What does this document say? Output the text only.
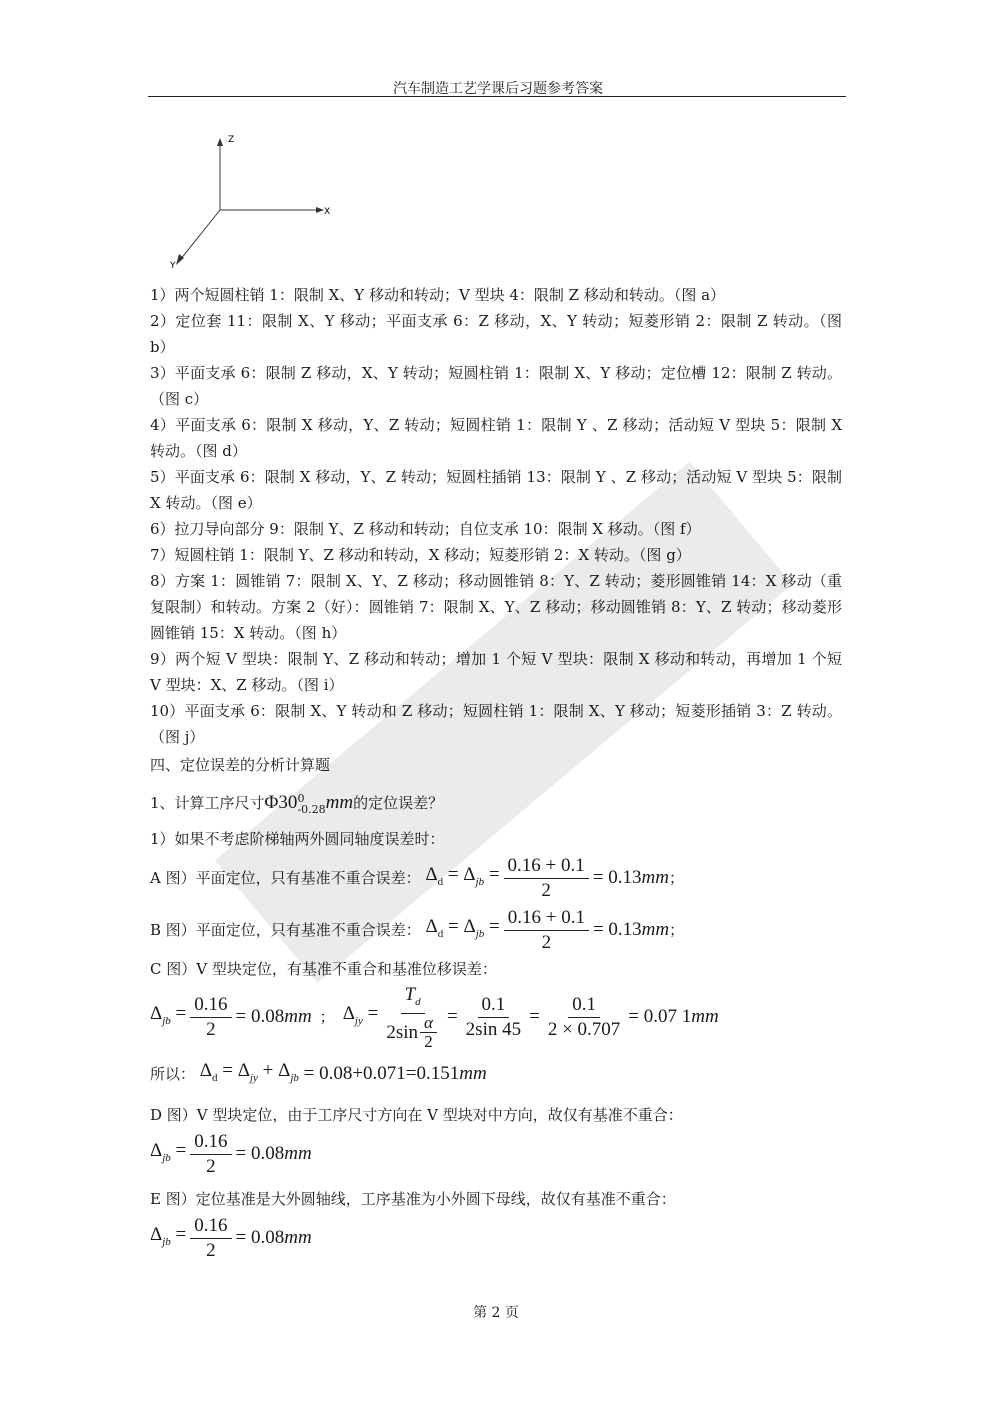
汽车制造工艺学课后习题参考答案
Z
X
Y

1）两个短圆柱销 1：限制 X、Y 移动和转动；V 型块 4：限制 Z 移动和转动。（图 a）

2）定位套 11：限制 X、Y 移动；平面支承 6：Z 移动，X、Y 转动；短菱形销 2：限制 Z 转动。（图 b）

3）平面支承 6：限制 Z 移动，X、Y 转动；短圆柱销 1：限制 X、Y 移动；定位槽 12：限制 Z 转动。（图 c）

4）平面支承 6：限制 X 移动，Y、Z 转动；短圆柱销 1：限制 Y 、Z 移动；活动短 V 型块 5：限制 X 转动。（图 d）

5）平面支承 6：限制 X 移动，Y、Z 转动；短圆柱插销 13：限制 Y 、Z 移动；活动短 V 型块 5：限制 X 转动。（图 e）

6）拉刀导向部分 9：限制 Y、Z 移动和转动；自位支承 10：限制 X 移动。（图 f）

7）短圆柱销 1：限制 Y、Z 移动和转动，X 移动；短菱形销 2：X 转动。（图 g）

8）方案 1：圆锥销 7：限制 X、Y、Z 移动；移动圆锥销 8：Y、Z 转动；菱形圆锥销 14：X 移动（重复限制）和转动。方案 2（好）：圆锥销 7：限制 X、Y、Z 移动；移动圆锥销 8：Y、Z 转动；移动菱形圆锥销 15：X 转动。（图 h）

9）两个短 V 型块：限制 Y、Z 移动和转动；增加 1 个短 V 型块：限制 X 移动和转动，再增加 1 个短 V 型块：X、Z 移动。（图 i）

10）平面支承 6：限制 X、Y 转动和 Z 移动；短圆柱销 1：限制 X、Y 移动；短菱形插销 3：Z 转动。（图 j）

四、定位误差的分析计算题

1、计算工序尺寸Φ30 0
-0.28 mm的定位误差？

1）如果不考虑阶梯轴两外圆同轴度误差时：

A 图）平面定位，只有基准不重合误差： $\Delta_d = \Delta_{jb} = \frac{0.16 + 0.1}{2} = 0.13$ mm ；
B 图）平面定位，只有基准不重合误差： $\Delta_d = \Delta_{jb} = \frac{0.16 + 0.1}{2} = 0.13$ mm ；

C 图）V 型块定位，有基准不重合和基准位移误差：

$\Delta_{jb} = \frac{0.16}{2} = 0.08$ mm ； $\Delta_{jy} = \frac{T_d}{2\sin \frac{\alpha}{2}} = \frac{0.1}{2\sin 45} = \frac{0.1}{2 \times 0.707} = 0.07$ 1 mm
所以： $\Delta_d = \Delta_{jy} + \Delta_{jb} = 0.08+0.071=0.151$ mm

D 图）V 型块定位，由于工序尺寸方向在 V 型块对中方向，故仅有基准不重合：

$\Delta_{jb} = \frac{0.16}{2} = 0.08$ mm

E 图）定位基准是大外圆轴线，工序基准为小外圆下母线，故仅有基准不重合：

$\Delta_{jb} = \frac{0.16}{2} = 0.08$ mm
第 2 页
